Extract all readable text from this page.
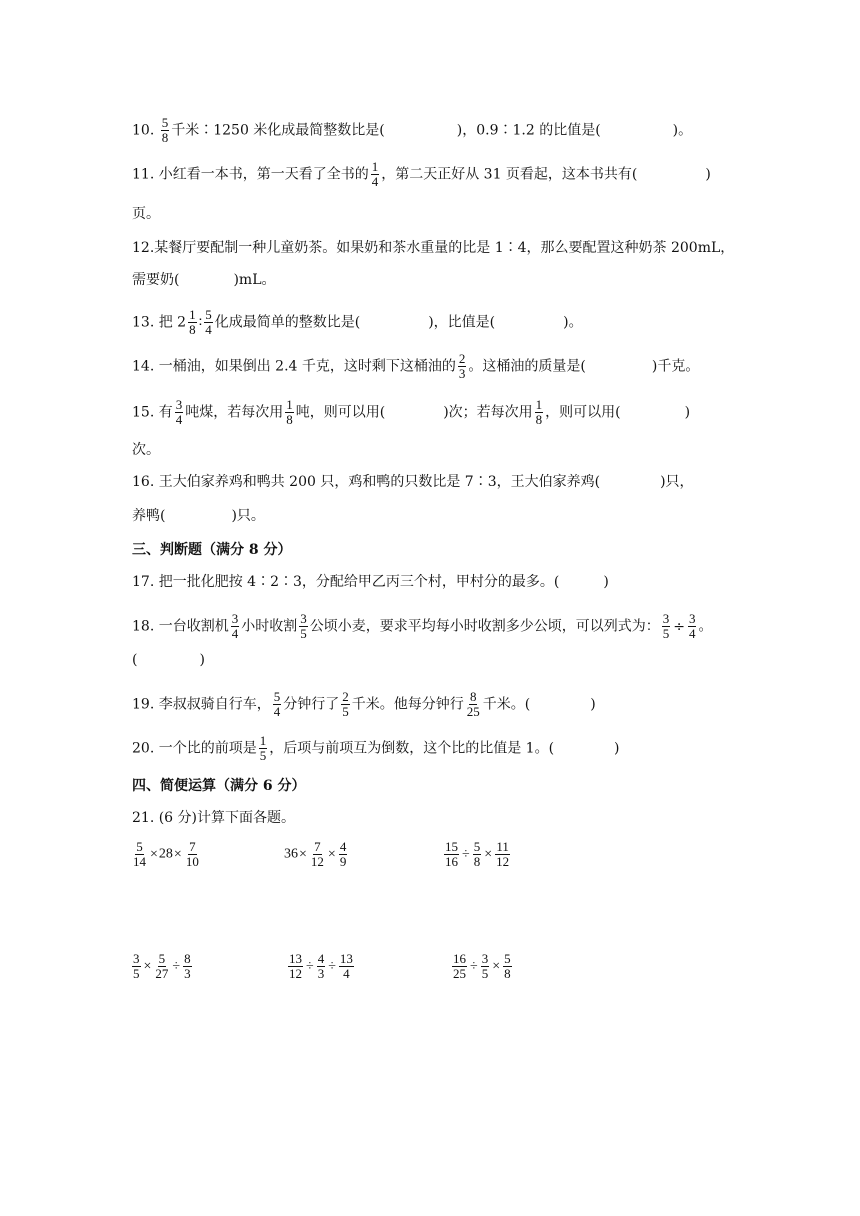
10. $\frac{5}{8}$ 千米∶1250 米化成最简整数比是(	)，0.9∶1.2 的比值是(	)。
11. 小红看一本书，第一天看了全书的 $\frac{1}{4}$ ，第二天正好从 31 页看起，这本书共有(	)
页。
12.某餐厅要配制一种儿童奶茶。如果奶和茶水重量的比是 1∶4，那么要配置这种奶茶 200mL，
需要奶(	)mL。
13. 把 $2 \frac{1}{8}$ ∶ $\frac{5}{4}$ 化成最简单的整数比是(	)，比值是(	)。
14. 一桶油，如果倒出 2.4 千克，这时剩下这桶油的 $\frac{2}{3}$ 。这桶油的质量是(	)千克。
15. 有 $\frac{3}{4}$ 吨煤，若每次用 $\frac{1}{8}$ 吨，则可以用(	)次；若每次用 $\frac{1}{8}$ ，则可以用(	)
次。
16. 王大伯家养鸡和鸭共 200 只，鸡和鸭的只数比是 7∶3，王大伯家养鸡(	)只，
养鸭(	)只。
三、判断题（满分 8 分）
17. 把一批化肥按 4∶2∶3，分配给甲乙丙三个村，甲村分的最多。(	)
18. 一台收割机 $\frac{3}{4}$ 小时收割 $\frac{3}{5}$ 公顷小麦，要求平均每小时收割多少公顷，可以列式为： $\frac{3}{5} \div \frac{3}{4}$ 。
(	)
19. 李叔叔骑自行车， $\frac{5}{4}$ 分钟行了 $\frac{2}{5}$ 千米。他每分钟行 $\frac{8}{25}$ 千米。(	)
20. 一个比的前项是 $\frac{1}{5}$ ，后项与前项互为倒数，这个比的比值是 1。(	)
四、简便运算（满分 6 分）
21. (6 分)计算下面各题。
$\frac{5}{14} \times 28\times \frac{7}{10}$	$36\times \frac{7}{12} \times \frac{4}{9}$	$\frac{15}{16} \div \frac{5}{8} \times \frac{11}{12}$
$\frac{3}{5} \times \frac{5}{27} \div \frac{8}{3}$	$\frac{13}{12} \div \frac{4}{3} \div \frac{13}{4}$	$\frac{16}{25} \div \frac{3}{5} \times \frac{5}{8}$
